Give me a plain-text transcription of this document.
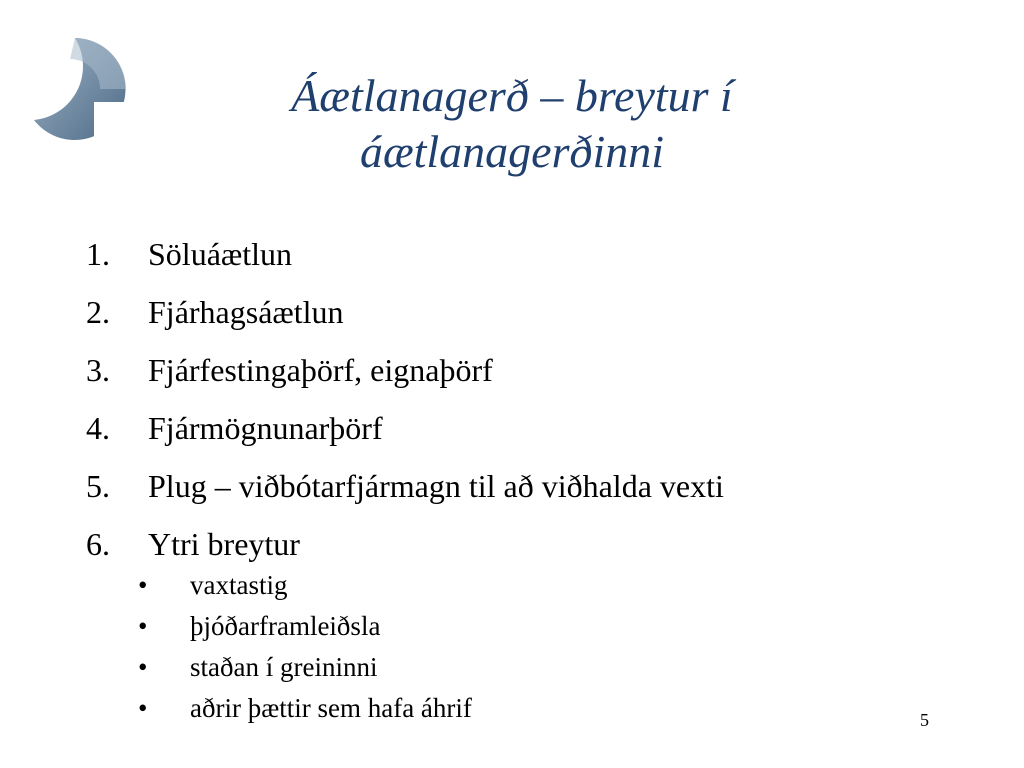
Áætlanagerð – breytur í
áætlanagerðinni
1.	Söluáætlun
2.	Fjárhagsáætlun
3.	Fjárfestingaþörf, eignaþörf
4.	Fjármögnunarþörf
5.	Plug – viðbótarfjármagn til að viðhalda vexti
6.	Ytri breytur
•	vaxtastig
•	þjóðarframleiðsla
•	staðan í greininni
•	aðrir þættir sem hafa áhrif	5
